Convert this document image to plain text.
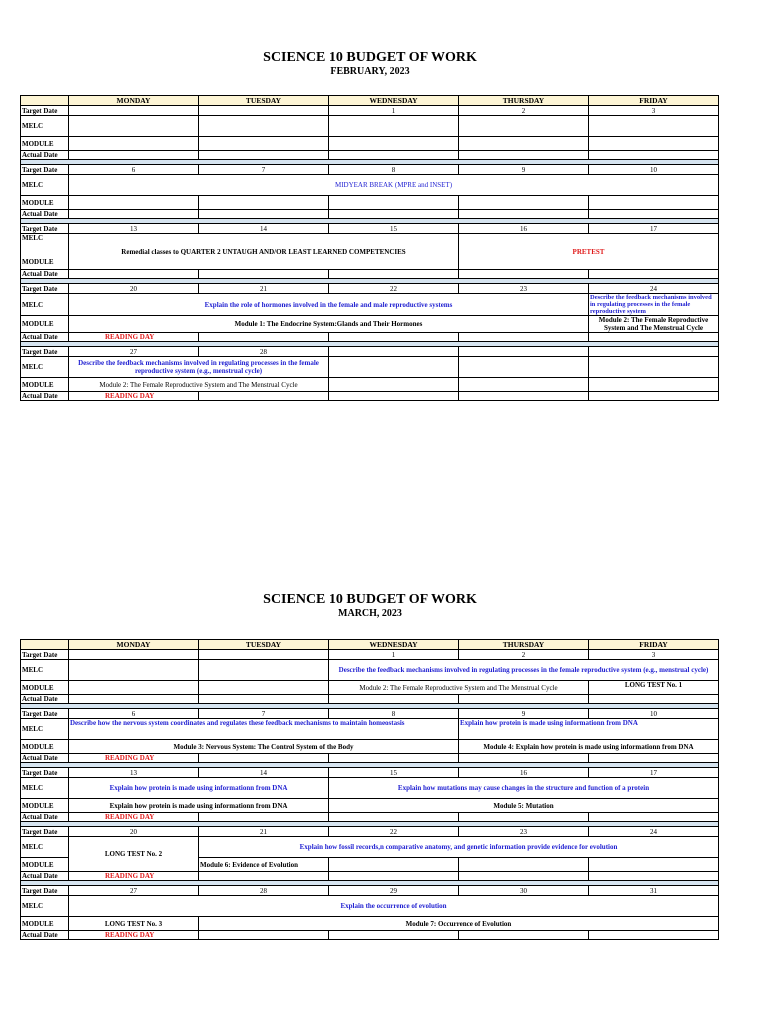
SCIENCE 10 BUDGET OF WORK
FEBRUARY, 2023
	MONDAY	TUESDAY	WEDNESDAY	THURSDAY	FRIDAY
Target Date			1	2	3
MELC					
MODULE					
Actual Date					

Target Date	6	7	8	9	10
MELC	MIDYEAR BREAK (MPRE and INSET)				
MODULE					
Actual Date					

Target Date	13	14	15	16	17
MELC

MODULE	Remedial classes to QUARTER 2 UNTAUGH AND/OR LEAST LEARNED COMPETENCIES			PRETEST	
Actual Date					

Target Date	20	21	22	23	24
MELC	Explain the role of hormones involved in the female and male reproductive systems				Describe the feedback mechanisms involved in regulating processes in the female reproductive system
MODULE	Module 1: The Endocrine System:Glands and Their Hormones				Module 2: The Female Reproductive System and The Menstrual Cycle
Actual Date	READING DAY				

Target Date	27	28			
MELC	Describe the feedback mechanisms involved in regulating processes in the female reproductive system (e.g., menstrual cycle)				
MODULE	Module 2: The Female Reproductive System and The Menstrual Cycle				
Actual Date	READING DAY				
SCIENCE 10 BUDGET OF WORK
MARCH, 2023
	MONDAY	TUESDAY	WEDNESDAY	THURSDAY	FRIDAY
Target Date			1	2	3
MELC			Describe the feedback mechanisms involved in regulating processes in the female reproductive system (e.g., menstrual cycle)		
MODULE			Module 2: The Female Reproductive System and The Menstrual Cycle		LONG TEST No. 1
Actual Date					

Target Date	6	7	8	9	10
MELC	Describe how the nervous system coordinates and regulates these feedback mechanisms to maintain homeostasis			Explain how protein is made using informationn from DNA	
MODULE	Module 3: Nervous System: The Control System of the Body			Module 4: Explain how protein is made using informationn from DNA	
Actual Date	READING DAY				

Target Date	13	14	15	16	17
MELC	Explain how protein is made using informationn from DNA		Explain how mutations may cause changes in the structure and function of a protein		
MODULE	Explain how protein is made using informationn from DNA		Module 5: Mutation		
Actual Date	READING DAY				

Target Date	20	21	22	23	24
MELC	LONG TEST No. 2	Explain how fossil records,n comparative anatomy, and genetic information provide evidence for evolution			
MODULE		Module 6: Evidence of Evolution			
Actual Date	READING DAY				

Target Date	27	28	29	30	31
MELC	Explain the occurrence of evolution				
MODULE	LONG TEST No. 3	Module 7: Occurrence of Evolution			
Actual Date	READING DAY				
